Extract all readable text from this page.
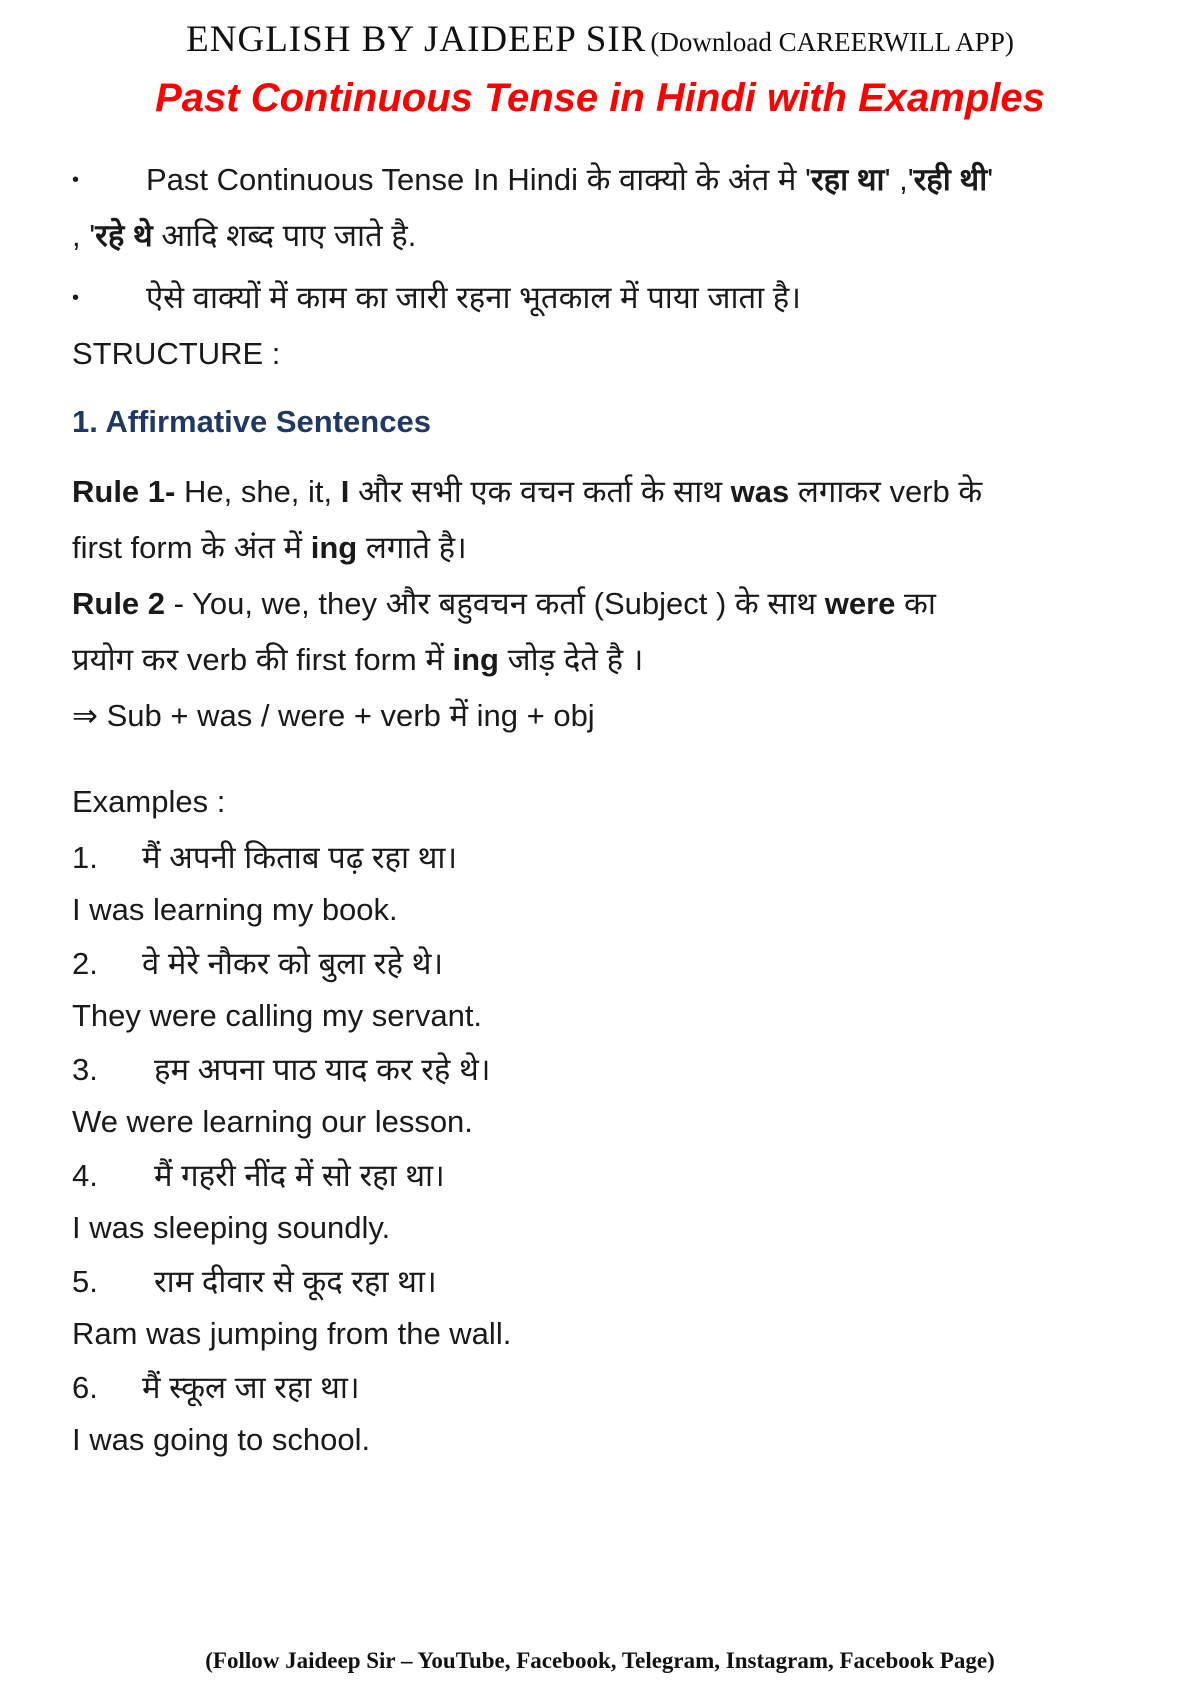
ENGLISH BY JAIDEEP SIR (Download CAREERWILL APP)
Past Continuous Tense in Hindi with Examples
• Past Continuous Tense In Hindi के वाक्यो के अंत मे 'रहा था' ,'रही थी'
, 'रहे थे आदि शब्द पाए जाते है.
• ऐसे वाक्यों में काम का जारी रहना भूतकाल में पाया जाता है।
STRUCTURE :
1. Affirmative Sentences
Rule 1- He, she, it, I और सभी एक वचन कर्ता के साथ was लगाकर verb के
first form के अंत में ing लगाते है।
Rule 2 - You, we, they और बहुवचन कर्ता (Subject ) के साथ were का
प्रयोग कर verb की first form में ing जोड़ देते है ।
⇒ Sub + was / were + verb में ing + obj
Examples :
1. मैं अपनी किताब पढ़ रहा था।
I was learning my book.
2. वे मेरे नौकर को बुला रहे थे।
They were calling my servant.
3. हम अपना पाठ याद कर रहे थे।
We were learning our lesson.
4. मैं गहरी नींद में सो रहा था।
I was sleeping soundly.
5. राम दीवार से कूद रहा था।
Ram was jumping from the wall.
6. मैं स्कूल जा रहा था।
I was going to school.
(Follow Jaideep Sir – YouTube, Facebook, Telegram, Instagram, Facebook Page)
